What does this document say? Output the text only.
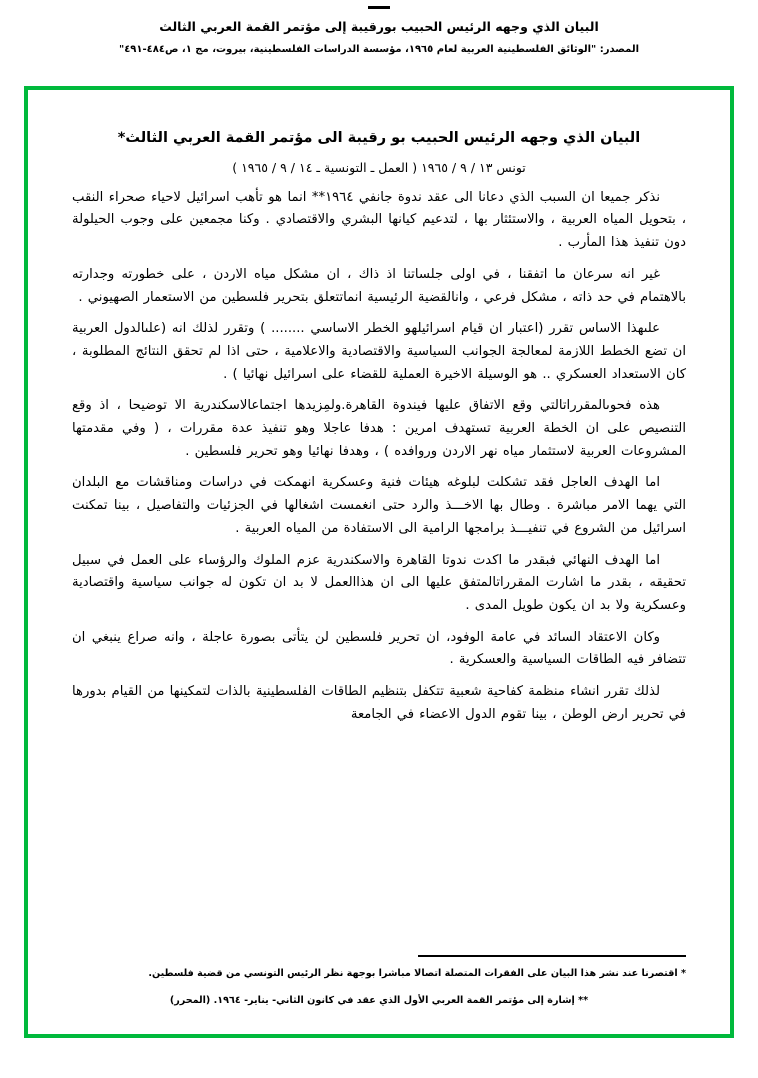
البيان الذي وجهه الرئيس الحبيب بورقيبة إلى مؤتمر القمة العربي الثالث
المصدر: "الوثائق الفلسطينية العربية لعام ١٩٦٥، مؤسسة الدراسات الفلسطينية، بيروت، مج ١، ص٤٨٤-٤٩١"
البيان الذي وجهه الرئيس الحبيب بو رقيبة الى مؤتمر القمة العربي الثالث*
تونس ١٣ / ٩ / ١٩٦٥ ( العمل ـ التونسية ـ ١٤ / ٩ / ١٩٦٥ )

نذكر جميعا ان السبب الذي دعانا الى عقد ندوة جانفي ١٩٦٤** انما هو تأهب اسرائيل لاحياء صحراء النقب ، بتحويل المياه العربية ، والاستئثار بها ، لتدعيم كيانها البشري والاقتصادي . وكنا مجمعين على وجوب الحيلولة دون تنفيذ هذا المأرب .

غير انه سرعان ما اتفقنا ، في اولى جلساتنا اذ ذاك ، ان مشكل مياه الاردن ، على خطورته وجدارته بالاهتمام في حد ذاته ، مشكل فرعي ، وانالقضية الرئيسية انماتتعلق بتحرير فلسطين من الاستعمار الصهيوني .

علىهذا الاساس تقرر (اعتبار ان قيام اسرائيلهو الخطر الاساسي ........ ) وتقرر لذلك انه (علىالدول العربية ان تضع الخطط اللازمة لمعالجة الجوانب السياسية والاقتصادية والاعلامية ، حتى اذا لم تحقق النتائج المطلوبة ، كان الاستعداد العسكري .. هو الوسيلة الاخيرة العملية للقضاء على اسرائيل نهائيا ) .

هذه فحوىالمقرراتالتي وقع الاتفاق عليها فيندوة القاهرة.ولمِزيدها اجتماعالاسكندرية الا توضيحا ، اذ وقع التنصيص على ان الخطة العربية تستهدف امرين : هدفا عاجلا وهو تنفيذ عدة مقررات ، ( وفي مقدمتها المشروعات العربية لاستثمار مياه نهر الاردن وروافده ) ، وهدفا نهائيا وهو تحرير فلسطين .

اما الهدف العاجل فقد تشكلت لبلوغه هيئات فنية وعسكرية انهمكت في دراسات ومناقشات مع البلدان التي يهما الامر مباشرة . وطال بها الاخـــذ والرد حتى انغمست اشغالها في الجزئيات والتفاصيل ، بينا تمكنت اسرائيل من الشروع في تنفيـــذ برامجها الرامية الى الاستفادة من المياه العربية .

اما الهدف النهائي فبقدر ما اكدت ندوتا القاهرة والاسكندرية عزم الملوك والرؤساء على العمل في سبيل تحقيقه ، بقدر ما اشارت المقرراتالمتفق عليها الى ان هذاالعمل لا بد ان تكون له جوانب سياسية واقتصادية وعسكرية ولا بد ان يكون طويل المدى .

وكان الاعتقاد السائد في عامة الوفود، ان تحرير فلسطين لن يتأتى بصورة عاجلة ، وانه صراع ينبغي ان تتضافر فيه الطاقات السياسية والعسكرية .

لذلك تقرر انشاء منظمة كفاحية شعبية تتكفل بتنظيم الطاقات الفلسطينية بالذات لتمكينها من القيام بدورها في تحرير ارض الوطن ، بينا تقوم الدول الاعضاء في الجامعة

* اقتصرنا عند نشر هذا البيان على الفقرات المتصلة اتصالا مباشرا بوجهة نظر الرئيس التونسي من قضية فلسطين.
** إشارة إلى مؤتمر القمة العربي الأول الذي عقد في كانون الثاني- يناير- ١٩٦٤. (المحرر)
